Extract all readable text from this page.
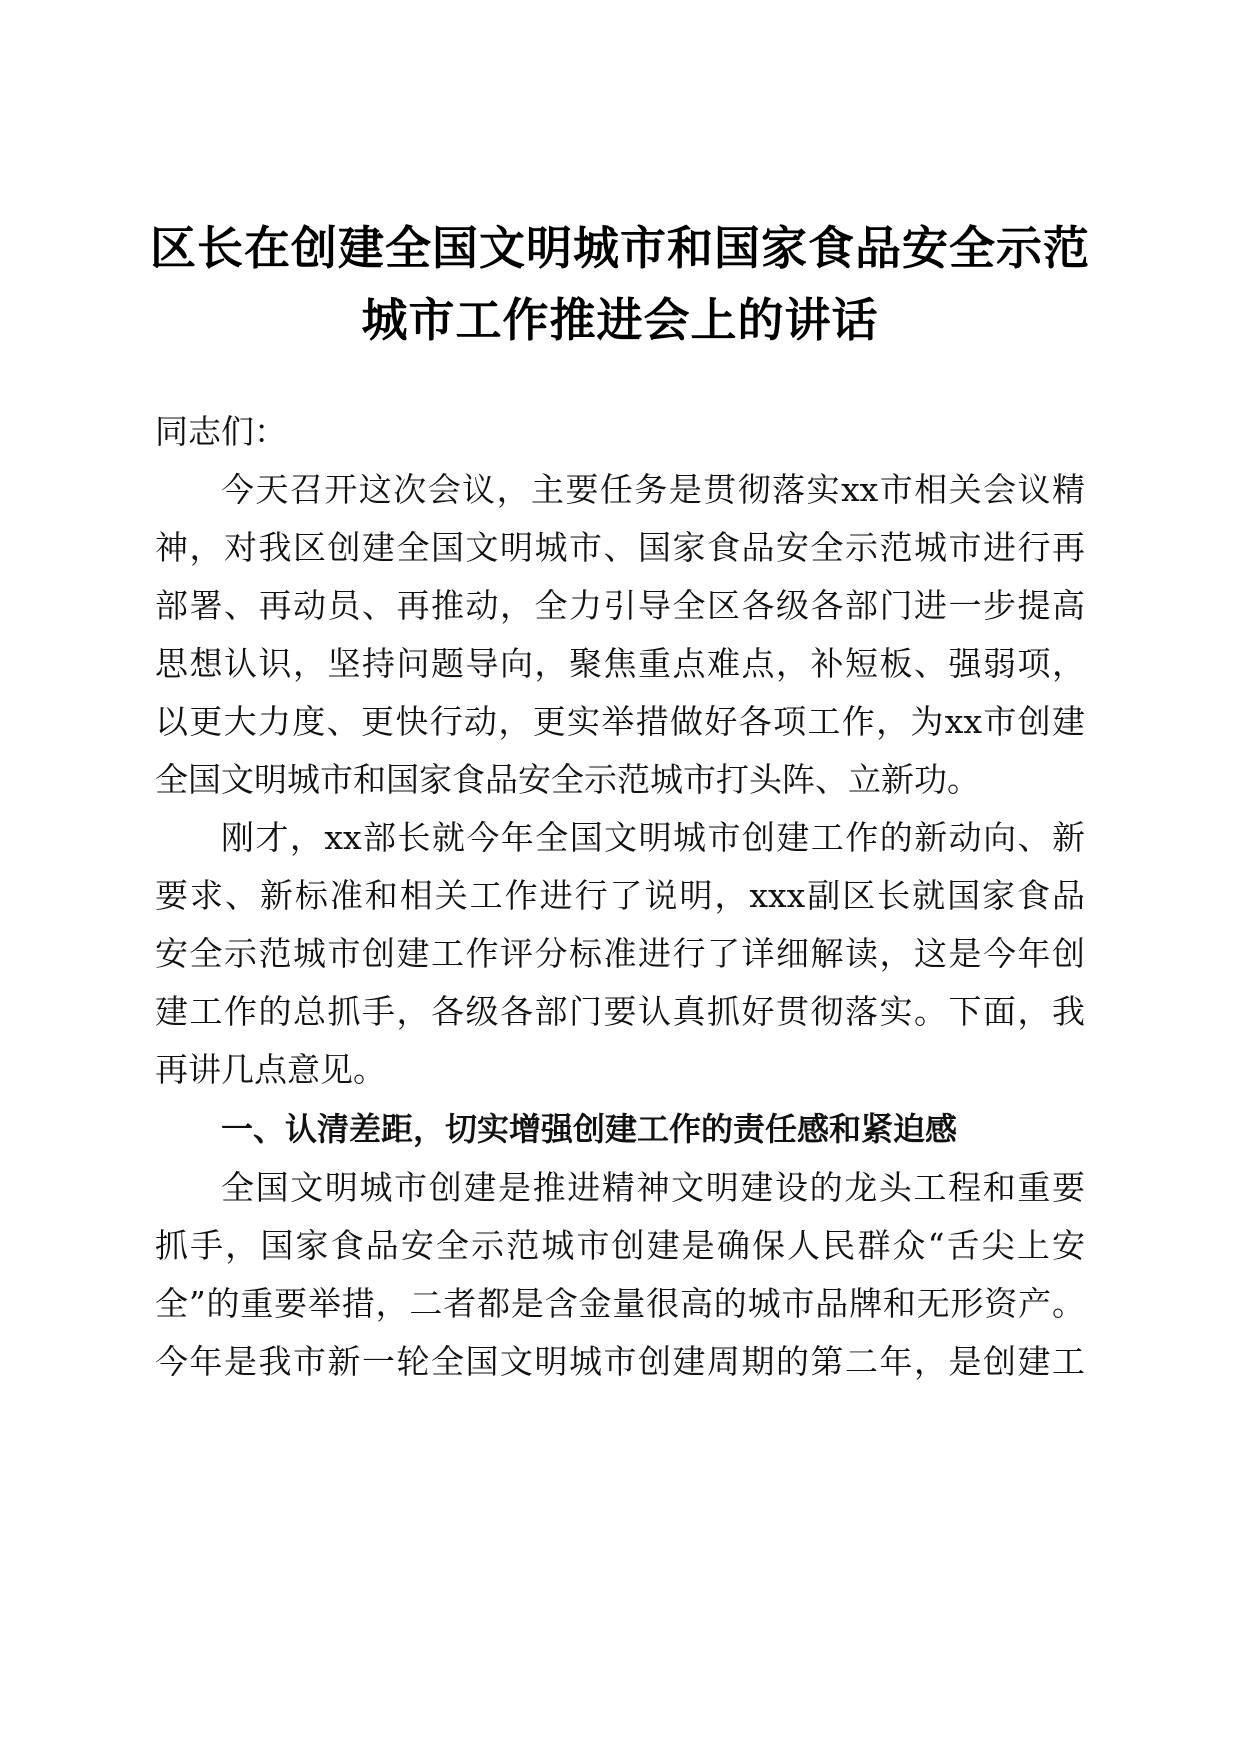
区长在创建全国文明城市和国家食品安全示范
城市工作推进会上的讲话
同志们：
今天召开这次会议，主要任务是贯彻落实xx市相关会议精
神，对我区创建全国文明城市、国家食品安全示范城市进行再
部署、再动员、再推动，全力引导全区各级各部门进一步提高
思想认识，坚持问题导向，聚焦重点难点，补短板、强弱项，
以更大力度、更快行动，更实举措做好各项工作，为xx市创建
全国文明城市和国家食品安全示范城市打头阵、立新功。
刚才，xx部长就今年全国文明城市创建工作的新动向、新
要求、新标准和相关工作进行了说明，xxx副区长就国家食品
安全示范城市创建工作评分标准进行了详细解读，这是今年创
建工作的总抓手，各级各部门要认真抓好贯彻落实。下面，我
再讲几点意见。
一、认清差距，切实增强创建工作的责任感和紧迫感
全国文明城市创建是推进精神文明建设的龙头工程和重要
抓手，国家食品安全示范城市创建是确保人民群众“舌尖上安
全”的重要举措，二者都是含金量很高的城市品牌和无形资产。
今年是我市新一轮全国文明城市创建周期的第二年，是创建工
